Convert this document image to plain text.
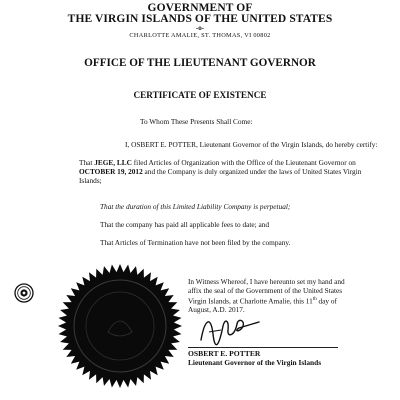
GOVERNMENT OF
THE VIRGIN ISLANDS OF THE UNITED STATES
-o-
CHARLOTTE AMALIE, ST. THOMAS, VI 00802
OFFICE OF THE LIEUTENANT GOVERNOR
CERTIFICATE OF EXISTENCE
To Whom These Presents Shall Come:
I, OSBERT E. POTTER, Lieutenant Governor of the Virgin Islands, do hereby certify:
That JEGE, LLC filed Articles of Organization with the Office of the Lieutenant Governor on OCTOBER 19, 2012 and the Company is duly organized under the laws of United States Virgin Islands;
That the duration of this Limited Liability Company is perpetual;
That the company has paid all applicable fees to date; and
That Articles of Termination have not been filed by the company.
In Witness Whereof, I have hereunto set my hand and affix the seal of the Government of the United States Virgin Islands, at Charlotte Amalie, this 11th day of August, A.D. 2017.
OSBERT E. POTTER
Lieutenant Governor of the Virgin Islands
